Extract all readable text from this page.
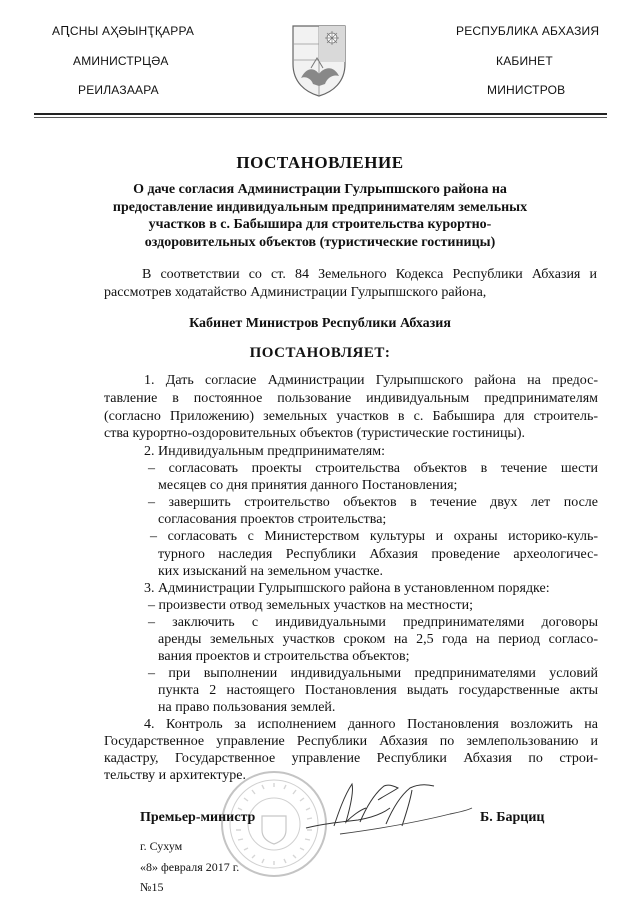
АԤСНЫ АҲӘЫНҬҚАРРА
АМИНИСТРЦӘА
РЕИЛАЗААРА
РЕСПУБЛИКА АБХАЗИЯ
КАБИНЕТ
МИНИСТРОВ
ПОСТАНОВЛЕНИЕ
О даче согласия Администрации Гулрыпшского района на
предоставление индивидуальным предпринимателям земельных
участков в с. Бабышира для строительства курортно-
оздоровительных объектов (туристические гостиницы)
В соответствии со ст. 84 Земельного Кодекса Республики Абхазия и
рассмотрев ходатайство Администрации Гулрыпшского района,
Кабинет Министров Республики Абхазия
ПОСТАНОВЛЯЕТ:
1. Дать согласие Администрации Гулрыпшского района на предос-
тавление в постоянное пользование индивидуальным предпринимателям
(согласно Приложению) земельных участков в с. Бабышира для строитель-
ства курортно-оздоровительных объектов (туристические гостиницы).
2. Индивидуальным предпринимателям:
– согласовать проекты строительства объектов в течение шести
месяцев со дня принятия данного Постановления;
– завершить строительство объектов в течение двух лет после
согласования проектов строительства;
– согласовать с Министерством культуры и охраны историко-куль-
турного наследия Республики Абхазия проведение археологичес-
ких изысканий на земельном участке.
3. Администрации Гулрыпшского района в установленном порядке:
– произвести отвод земельных участков на местности;
– заключить с индивидуальными предпринимателями договоры
аренды земельных участков сроком на 2,5 года на период согласо-
вания проектов и строительства объектов;
– при выполнении индивидуальными предпринимателями условий
пункта 2 настоящего Постановления выдать государственные акты
на право пользования землей.
4. Контроль за исполнением данного Постановления возложить на
Государственное управление Республики Абхазия по землепользованию и
кадастру, Государственное управление Республики Абхазия по строи-
тельству и архитектуре.
Премьер-министр	Б. Барциц
г. Сухум
«8» февраля 2017 г.
№15
